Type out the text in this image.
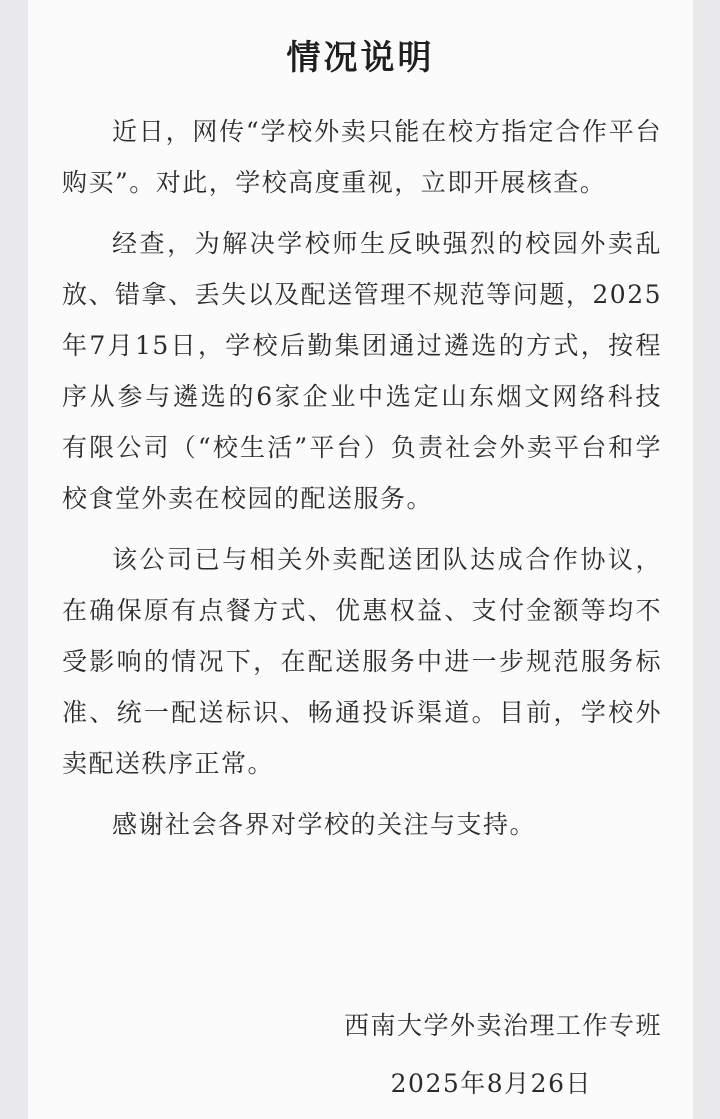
情况说明

近日，网传“学校外卖只能在校方指定合作平台购买”。对此，学校高度重视，立即开展核查。

经查，为解决学校师生反映强烈的校园外卖乱放、错拿、丢失以及配送管理不规范等问题，2025年7月15日，学校后勤集团通过遴选的方式，按程序从参与遴选的6家企业中选定山东烟文网络科技有限公司（“校生活”平台）负责社会外卖平台和学校食堂外卖在校园的配送服务。

该公司已与相关外卖配送团队达成合作协议，在确保原有点餐方式、优惠权益、支付金额等均不受影响的情况下，在配送服务中进一步规范服务标准、统一配送标识、畅通投诉渠道。目前，学校外卖配送秩序正常。

感谢社会各界对学校的关注与支持。

西南大学外卖治理工作专班
2025年8月26日
